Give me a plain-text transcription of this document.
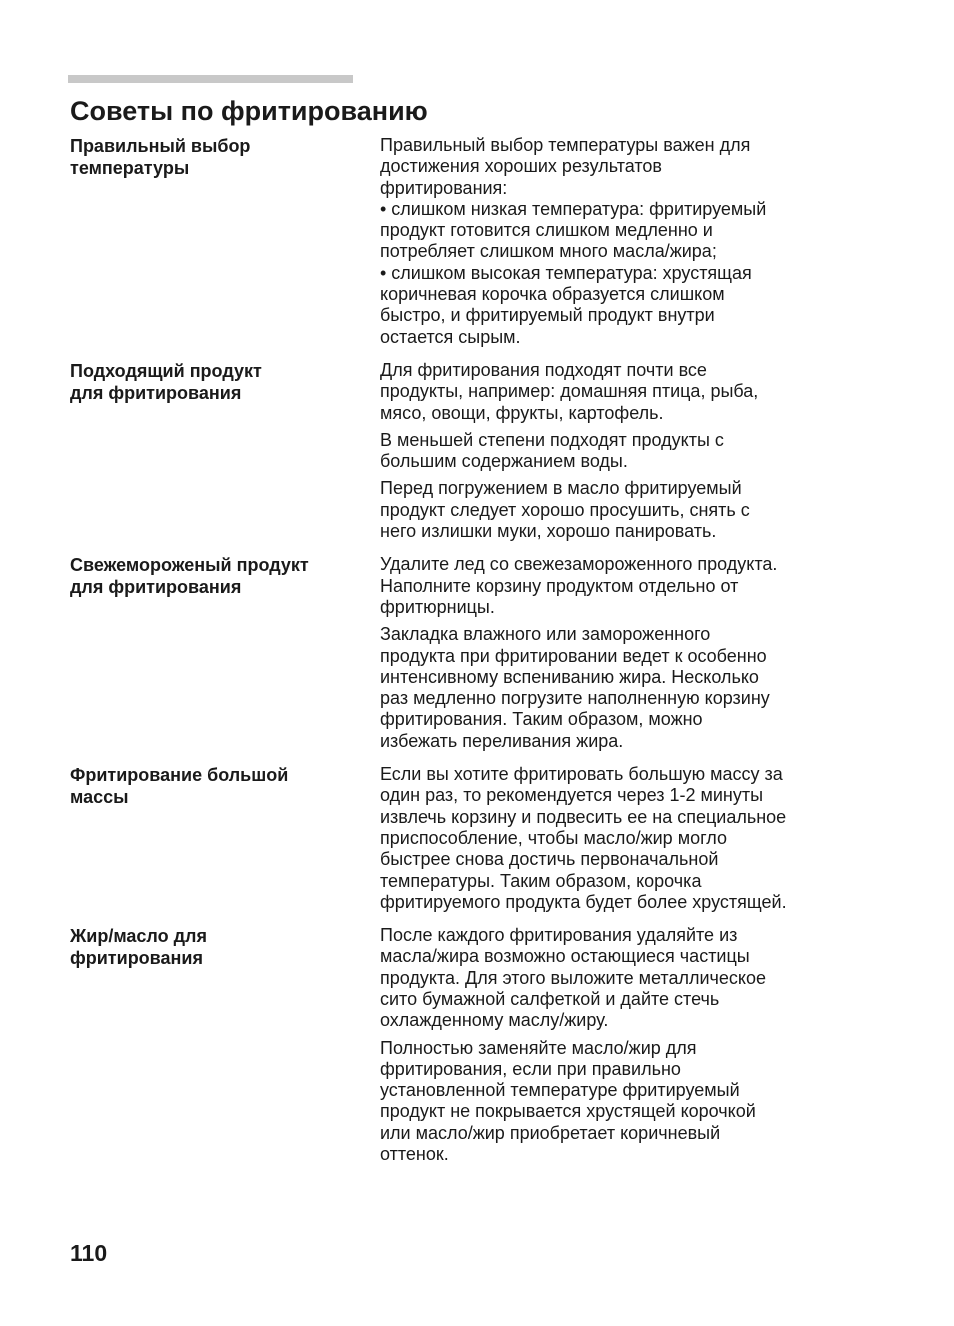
Советы по фритированию
Правильный выбор
температуры

Правильный выбор температуры важен для
достижения хороших результатов
фритирования:
• слишком низкая температура: фритируемый
продукт готовится слишком медленно и
потребляет слишком много масла/жира;
• слишком высокая температура: хрустящая
коричневая корочка образуется слишком
быстро, и фритируемый продукт внутри
остается сырым.

Подходящий продукт
для фритирования

Для фритирования подходят почти все
продукты, например: домашняя птица, рыба,
мясо, овощи, фрукты, картофель.

В меньшей степени подходят продукты с
большим содержанием воды.

Перед погружением в масло фритируемый
продукт следует хорошо просушить, снять с
него излишки муки, хорошо панировать.

Свежемороженый продукт
для фритирования

Удалите лед со свежезамороженного продукта.
Наполните корзину продуктом отдельно от
фритюрницы.

Закладка влажного или замороженного
продукта при фритировании ведет к особенно
интенсивному вспениванию жира. Несколько
раз медленно погрузите наполненную корзину
фритирования. Таким образом, можно
избежать переливания жира.

Фритирование большой
массы

Если вы хотите фритировать большую массу за
один раз, то рекомендуется через 1-2 минуты
извлечь корзину и подвесить ее на специальное
приспособление, чтобы масло/жир могло
быстрее снова достичь первоначальной
температуры. Таким образом, корочка
фритируемого продукта будет более хрустящей.

Жир/масло для
фритирования

После каждого фритирования удаляйте из
масла/жира возможно остающиеся частицы
продукта. Для этого выложите металлическое
сито бумажной салфеткой и дайте стечь
охлажденному маслу/жиру.

Полностью заменяйте масло/жир для
фритирования, если при правильно
установленной температуре фритируемый
продукт не покрывается хрустящей корочкой
или масло/жир приобретает коричневый
оттенок.

110
